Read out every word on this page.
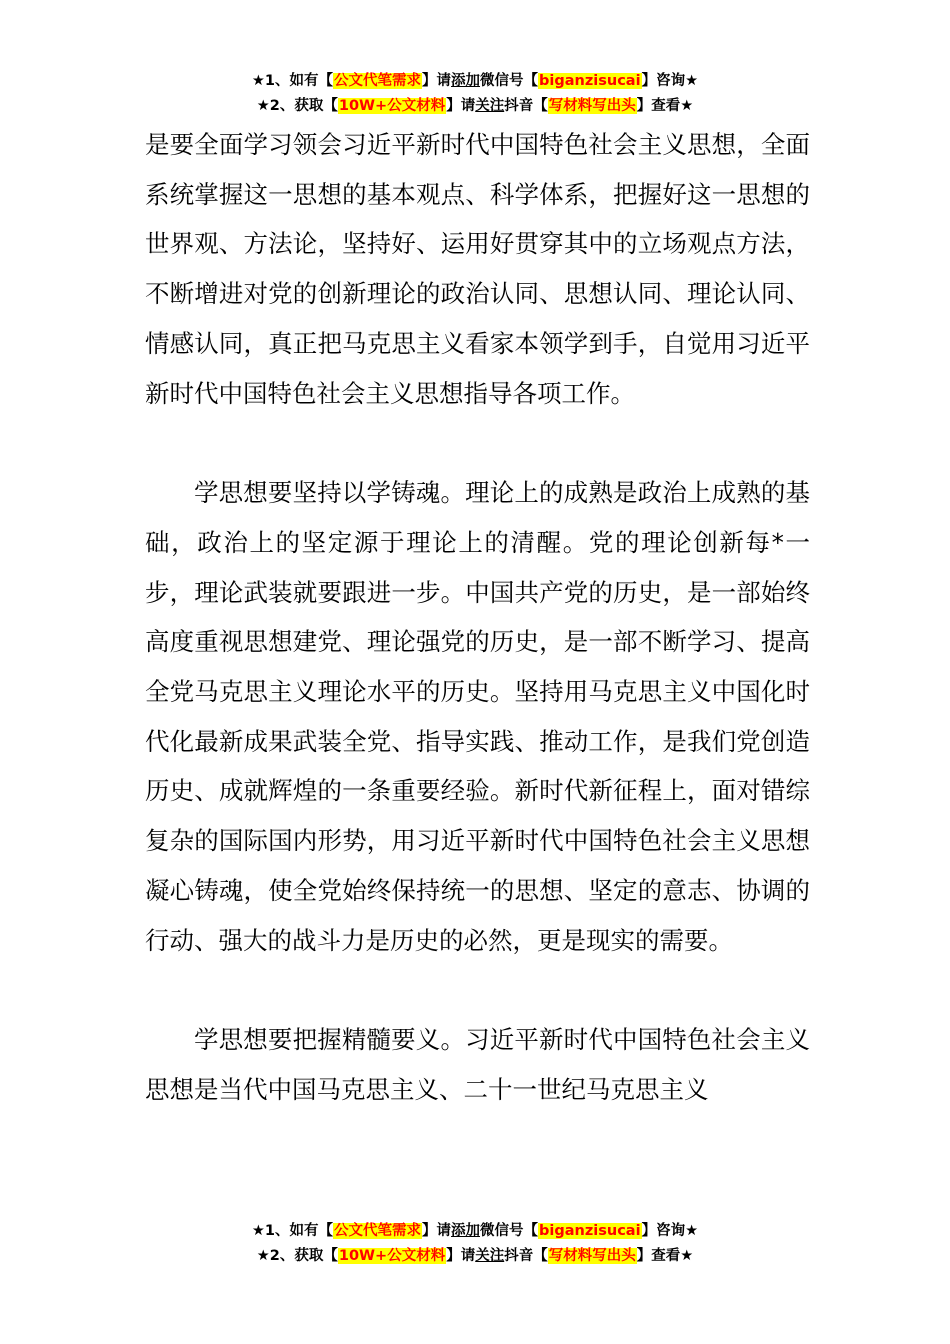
★1、如有【公文代笔需求】请添加微信号【biganzisucai】咨询★
★2、获取【10W+公文材料】请关注抖音【写材料写出头】查看★

是要全面学习领会习近平新时代中国特色社会主义思想，全面系统掌握这一思想的基本观点、科学体系，把握好这一思想的世界观、方法论，坚持好、运用好贯穿其中的立场观点方法，不断增进对党的创新理论的政治认同、思想认同、理论认同、情感认同，真正把马克思主义看家本领学到手，自觉用习近平新时代中国特色社会主义思想指导各项工作。

学思想要坚持以学铸魂。理论上的成熟是政治上成熟的基础，政治上的坚定源于理论上的清醒。党的理论创新每*一步，理论武装就要跟进一步。中国共产党的历史，是一部始终高度重视思想建党、理论强党的历史，是一部不断学习、提高全党马克思主义理论水平的历史。坚持用马克思主义中国化时代化最新成果武装全党、指导实践、推动工作，是我们党创造历史、成就辉煌的一条重要经验。新时代新征程上，面对错综复杂的国际国内形势，用习近平新时代中国特色社会主义思想凝心铸魂，使全党始终保持统一的思想、坚定的意志、协调的行动、强大的战斗力是历史的必然，更是现实的需要。

学思想要把握精髓要义。习近平新时代中国特色社会主义思想是当代中国马克思主义、二十一世纪马克思主义

★1、如有【公文代笔需求】请添加微信号【biganzisucai】咨询★
★2、获取【10W+公文材料】请关注抖音【写材料写出头】查看★
